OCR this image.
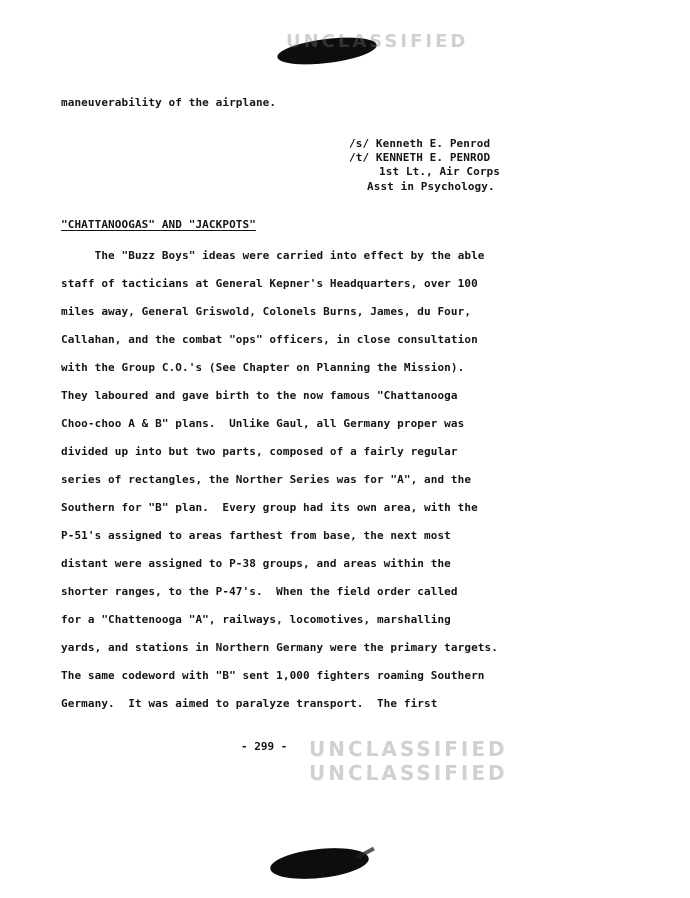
UNCLASSIFIED
maneuverability of the airplane.
/s/ Kenneth E. Penrod
/t/ KENNETH E. PENROD
1st Lt., Air Corps
Asst in Psychology.
"CHATTANOOGAS" AND "JACKPOTS"
The "Buzz Boys" ideas were carried into effect by the able
staff of tacticians at General Kepner's Headquarters, over 100
miles away, General Griswold, Colonels Burns, James, du Four,
Callahan, and the combat "ops" officers, in close consultation
with the Group C.O.'s (See Chapter on Planning the Mission).
They laboured and gave birth to the now famous "Chattanooga
Choo-choo A & B" plans.  Unlike Gaul, all Germany proper was
divided up into but two parts, composed of a fairly regular
series of rectangles, the Norther Series was for "A", and the
Southern for "B" plan.  Every group had its own area, with the
P-51's assigned to areas farthest from base, the next most
distant were assigned to P-38 groups, and areas within the
shorter ranges, to the P-47's.  When the field order called
for a "Chattenooga "A", railways, locomotives, marshalling
yards, and stations in Northern Germany were the primary targets.
The same codeword with "B" sent 1,000 fighters roaming Southern
Germany.  It was aimed to paralyze transport.  The first
- 299 - UNCLASSIFIED
UNCLASSIFIED
